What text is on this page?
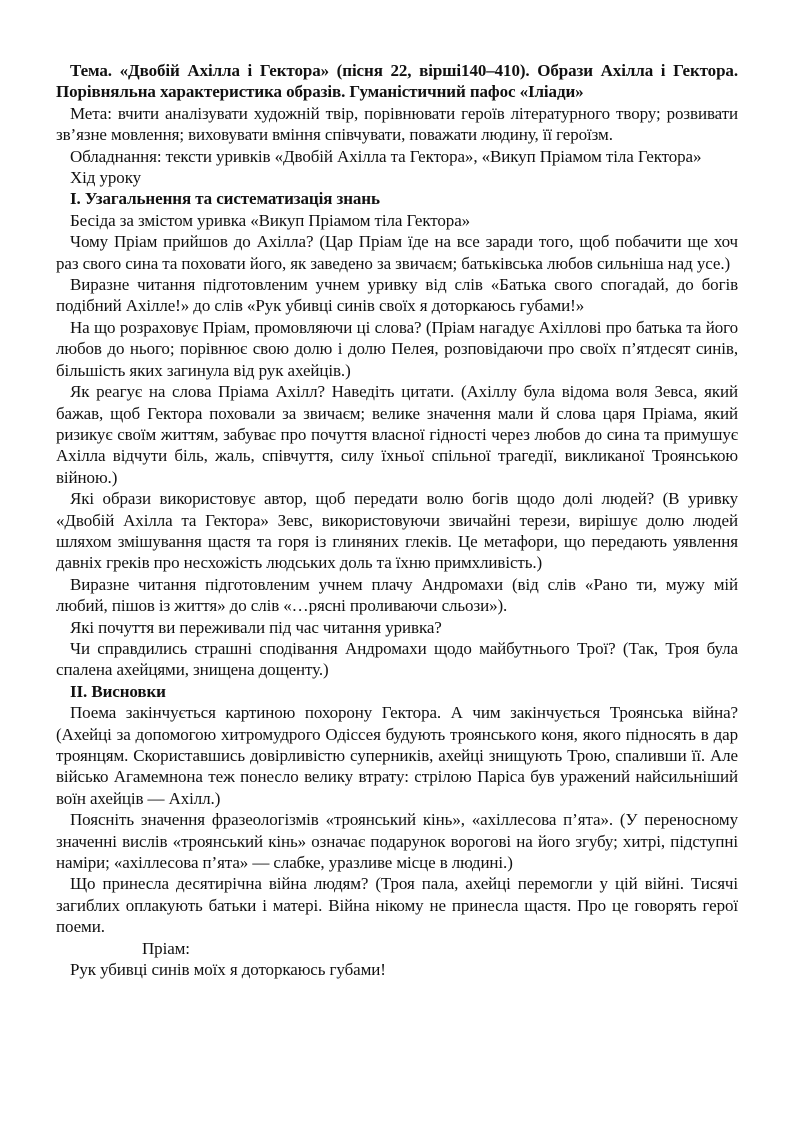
Тема. «Двобій Ахілла і Гектора» (пісня 22, вірші140–410). Образи Ахілла і Гектора. Порівняльна характеристика образів. Гуманістичний пафос «Іліади»

Мета: вчити аналізувати художній твір, порівнювати героїв літературного твору; розвивати зв’язне мовлення; виховувати вміння співчувати, поважати людину, її героїзм.

Обладнання: тексти уривків «Двобій Ахілла та Гектора», «Викуп Пріамом тіла Гектора»

Хід уроку

І. Узагальнення та систематизація знань

Бесіда за змістом уривка «Викуп Пріамом тіла Гектора»

Чому Пріам прийшов до Ахілла? (Цар Пріам їде на все заради того, щоб побачити ще хоч раз свого сина та поховати його, як заведено за звичаєм; батьківська любов сильніша над усе.)

Виразне читання підготовленим учнем уривку від слів «Батька свого спогадай, до богів подібний Ахілле!» до слів «Рук убивці синів своїх я доторкаюсь губами!»

На що розраховує Пріам, промовляючи ці слова? (Пріам нагадує Ахіллові про батька та його любов до нього; порівнює свою долю і долю Пелея, розповідаючи про своїх п’ятдесят синів, більшість яких загинула від рук ахейців.)

Як реагує на слова Пріама Ахілл? Наведіть цитати. (Ахіллу була відома воля Зевса, який бажав, щоб Гектора поховали за звичаєм; велике значення мали й слова царя Пріама, який ризикує своїм життям, забуває про почуття власної гідності через любов до сина та примушує Ахілла відчути біль, жаль, співчуття, силу їхньої спільної трагедії, викликаної Троянською війною.)

Які образи використовує автор, щоб передати волю богів щодо долі людей? (В уривку «Двобій Ахілла та Гектора» Зевс, використовуючи звичайні терези, вирішує долю людей шляхом змішування щастя та горя із глиняних глеків. Це метафори, що передають уявлення давніх греків про несхожість людських доль та їхню примхливість.)

Виразне читання підготовленим учнем плачу Андромахи (від слів «Рано ти, мужу мій любий, пішов із життя» до слів «…рясні проливаючи сльози»).

Які почуття ви переживали під час читання уривка?

Чи справдились страшні сподівання Андромахи щодо майбутнього Трої? (Так, Троя була спалена ахейцями, знищена дощенту.)

ІІ. Висновки

Поема закінчується картиною похорону Гектора. А чим закінчується Троянська війна? (Ахейці за допомогою хитромудрого Одіссея будують троянського коня, якого підносять в дар троянцям. Скориставшись довірливістю суперників, ахейці знищують Трою, спаливши її. Але військо Агамемнона теж понесло велику втрату: стрілою Паріса був уражений найсильніший воїн ахейців — Ахілл.)

Поясніть значення фразеологізмів «троянський кінь», «ахіллесова п’ята». (У переносному значенні вислів «троянський кінь» означає подарунок ворогові на його згубу; хитрі, підступні наміри; «ахіллесова п’ята» — слабке, уразливе місце в людині.)

Що принесла десятирічна війна людям? (Троя пала, ахейці перемогли у цій війні. Тисячі загиблих оплакують батьки і матері. Війна нікому не принесла щастя. Про це говорять герої поеми.

Пріам:

Рук убивці синів моїх я доторкаюсь губами!
